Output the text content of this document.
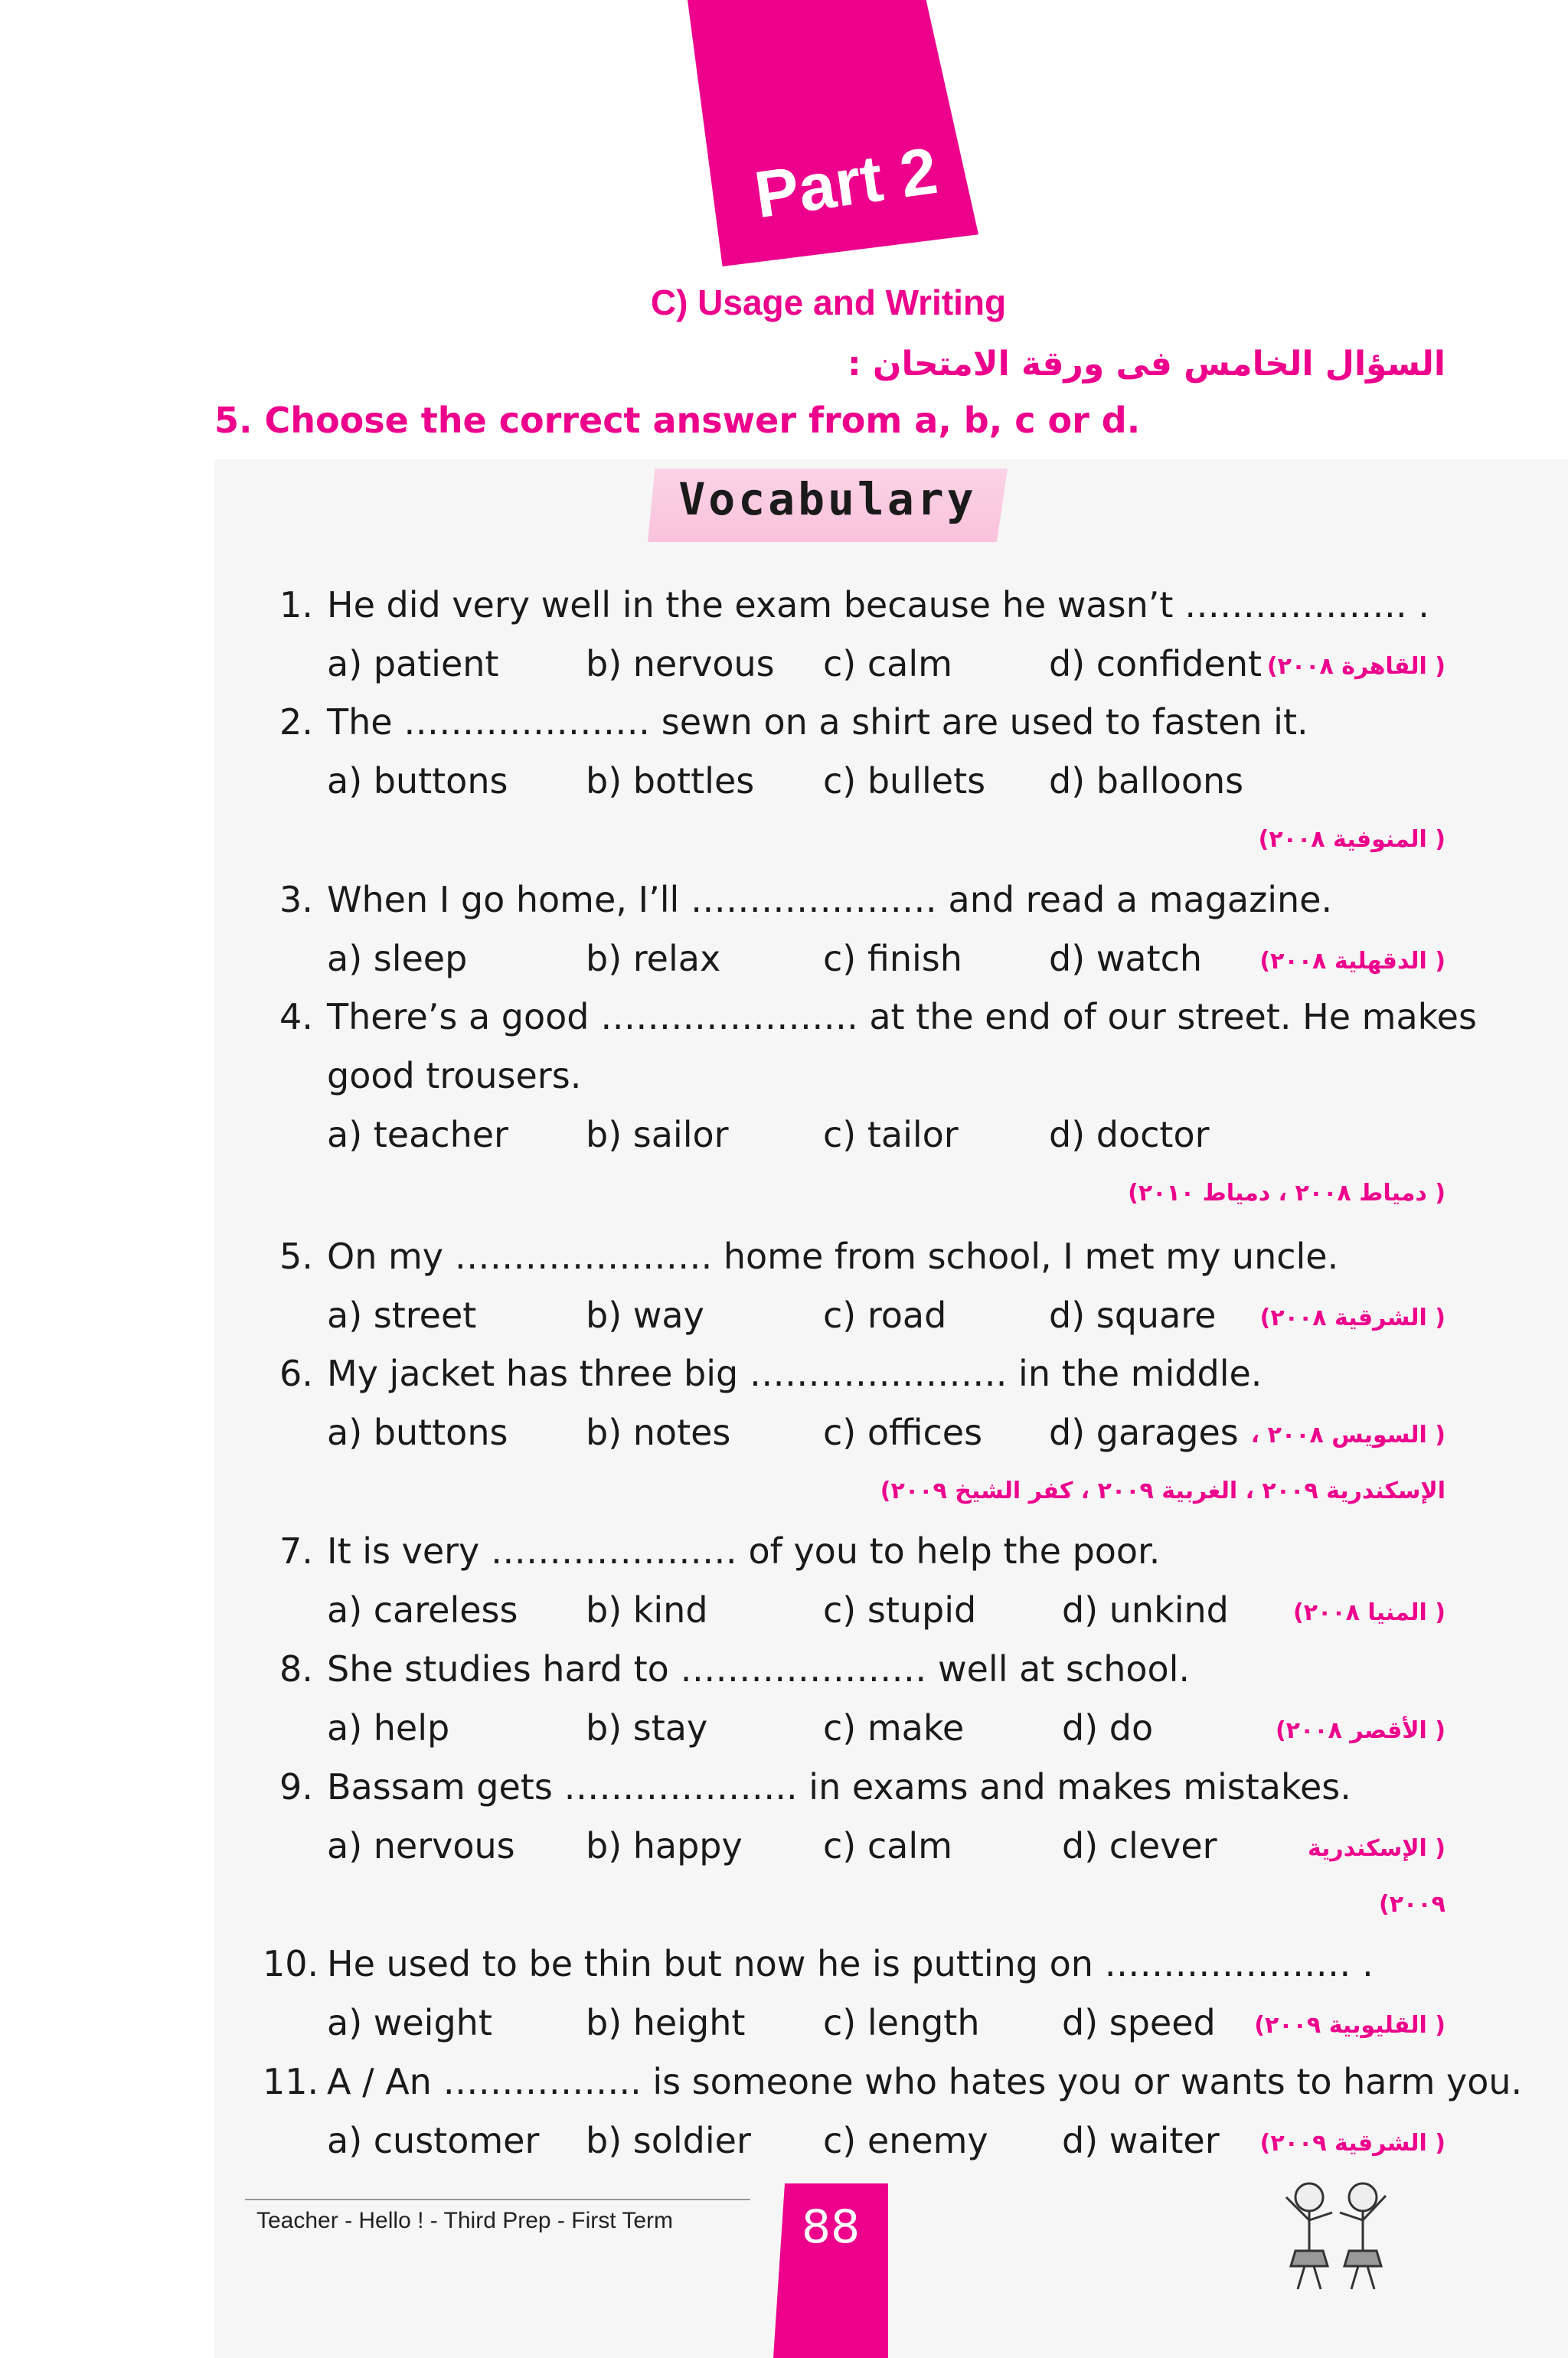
Part 2
C) Usage and Writing
السؤال الخامس فى ورقة الامتحان :
5. Choose the correct answer from a, b, c or d.
Vocabulary
1. He did very well in the exam because he wasn’t ………………. .
a) patient b) nervous c) calm	d) confident ( القاهرة ٢٠٠٨)
2. The ………………… sewn on a shirt are used to fasten it.
a) buttons b) bottles c) bullets d) balloons
( المنوفية ٢٠٠٨)
3. When I go home, I’ll ………………… and read a magazine.
a) sleep	b) relax	c) finish d) watch	( الدقهلية ٢٠٠٨)
4. There’s a good …………………. at the end of our street. He makes
good trousers.
a) teacher b) sailor	c) tailor	d) doctor
( دمياط ٢٠٠٨ ، دمياط ٢٠١٠)
5. On my …………………. home from school, I met my uncle.
a) street	b) way	c) road	d) square ( الشرقية ٢٠٠٨)
6. My jacket has three big …………………. in the middle.
a) buttons b) notes	c) offices d) garages ( السويس ٢٠٠٨ ،
الإسكندرية ٢٠٠٩ ، الغربية ٢٠٠٩ ، كفر الشيخ ٢٠٠٩)
7. It is very ………………… of you to help the poor.
a) careless b) kind	c) stupid d) unkind	( المنيا ٢٠٠٨)
8. She studies hard to ………………… well at school.
a) help	b) stay	c) make	d) do	( الأقصر ٢٠٠٨)
9. Bassam gets ……………….. in exams and makes mistakes.
a) nervous b) happy c) calm	d) clever	( الإسكندرية
٢٠٠٩)
10. He used to be thin but now he is putting on ………………… .
a) weight	b) height c) length d) speed ( القليوبية ٢٠٠٩)
11. A / An …………….. is someone who hates you or wants to harm you.
a) customer b) soldier c) enemy d) waiter ( الشرقية ٢٠٠٩)
Teacher - Hello ! - Third Prep - First Term	88
